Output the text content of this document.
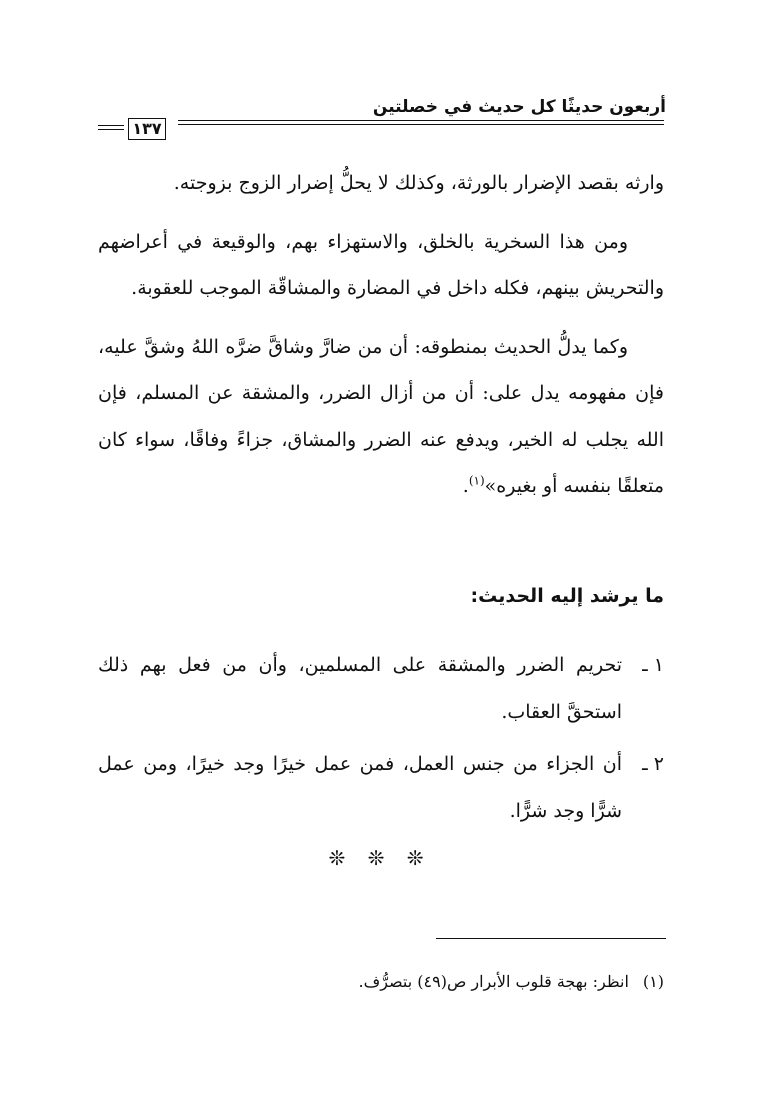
أربعون حديثًا كل حديث في خصلتين
١٣٧

وارثه بقصد الإضرار بالورثة، وكذلك لا يحلُّ إضرار الزوج بزوجته.

ومن هذا السخرية بالخلق، والاستهزاء بهم، والوقيعة في أعراضهم والتحريش بينهم، فكله داخل في المضارة والمشاقّة الموجب للعقوبة.

وكما يدلُّ الحديث بمنطوقه: أن من ضارَّ وشاقَّ ضرَّه اللهُ وشقَّ عليه، فإن مفهومه يدل على: أن من أزال الضرر، والمشقة عن المسلم، فإن الله يجلب له الخير، ويدفع عنه الضرر والمشاق، جزاءً وفاقًا، سواء كان متعلقًا بنفسه أو بغيره»$^{(١)}$.

ما يرشد إليه الحديث:
١ ـ
تحريم الضرر والمشقة على المسلمين، وأن من فعل بهم ذلك استحقَّ العقاب.
٢ ـ
أن الجزاء من جنس العمل، فمن عمل خيرًا وجد خيرًا، ومن عمل شرًّا وجد شرًّا.
❊ ❊ ❊
(١)
انظر: بهجة قلوب الأبرار ص(٤٩) بتصرُّف.
